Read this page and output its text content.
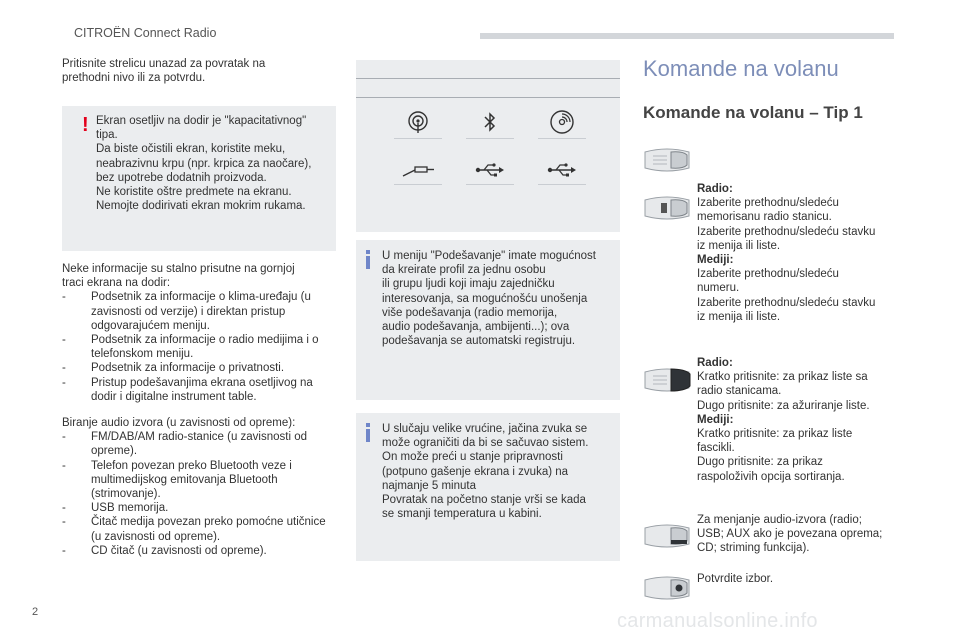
CITROËN Connect Radio

Pritisnite strelicu unazad za povratak na
prethodni nivo ili za potvrdu.

! Ekran osetljiv na dodir je "kapacitativnog"
tipa.
Da biste očistili ekran, koristite meku,
neabrazivnu krpu (npr. krpica za naočare),
bez upotrebe dodatnih proizvoda.
Ne koristite oštre predmete na ekranu.
Nemojte dodirivati ekran mokrim rukama.

Neke informacije su stalno prisutne na gornjoj
traci ekrana na dodir:

- Podsetnik za informacije o klima-uređaju (u zavisnosti od verzije) i direktan pristup odgovarajućem meniju.
- Podsetnik za informacije o radio medijima i o telefonskom meniju.
- Podsetnik za informacije o privatnosti.
- Pristup podešavanjima ekrana osetljivog na dodir i digitalne instrument table.

Biranje audio izvora (u zavisnosti od opreme):

- FM/DAB/AM radio-stanice (u zavisnosti od opreme).
- Telefon povezan preko Bluetooth veze i multimedijskog emitovanja Bluetooth (strimovanje).
- USB memorija.
- Čitač medija povezan preko pomoćne utičnice (u zavisnosti od opreme).
- CD čitač (u zavisnosti od opreme).

U meniju "Podešavanje" imate mogućnost
da kreirate profil za jednu osobu
ili grupu ljudi koji imaju zajedničku
interesovanja, sa mogućnošću unošenja
više podešavanja (radio memorija,
audio podešavanja, ambijenti...); ova
podešavanja se automatski registruju.

U slučaju velike vrućine, jačina zvuka se
može ograničiti da bi se sačuvao sistem.
On može preći u stanje pripravnosti
(potpuno gašenje ekrana i zvuka) na
najmanje 5 minuta
Povratak na početno stanje vrši se kada
se smanji temperatura u kabini.

Komande na volanu
Komande na volanu – Tip 1

Radio:

Izaberite prethodnu/sledeću
memorisanu radio stanicu.
Izaberite prethodnu/sledeću stavku
iz menija ili liste.

Mediji:

Izaberite prethodnu/sledeću
numeru.
Izaberite prethodnu/sledeću stavku
iz menija ili liste.

Radio:

Kratko pritisnite: za prikaz liste sa
radio stanicama.
Dugo pritisnite: za ažuriranje liste.

Mediji:

Kratko pritisnite: za prikaz liste
fascikli.
Dugo pritisnite: za prikaz
raspoloživih opcija sortiranja.

Za menjanje audio-izvora (radio;
USB; AUX ako je povezana oprema;
CD; striming funkcija).

Potvrdite izbor.

2	carmanualsonline.info
